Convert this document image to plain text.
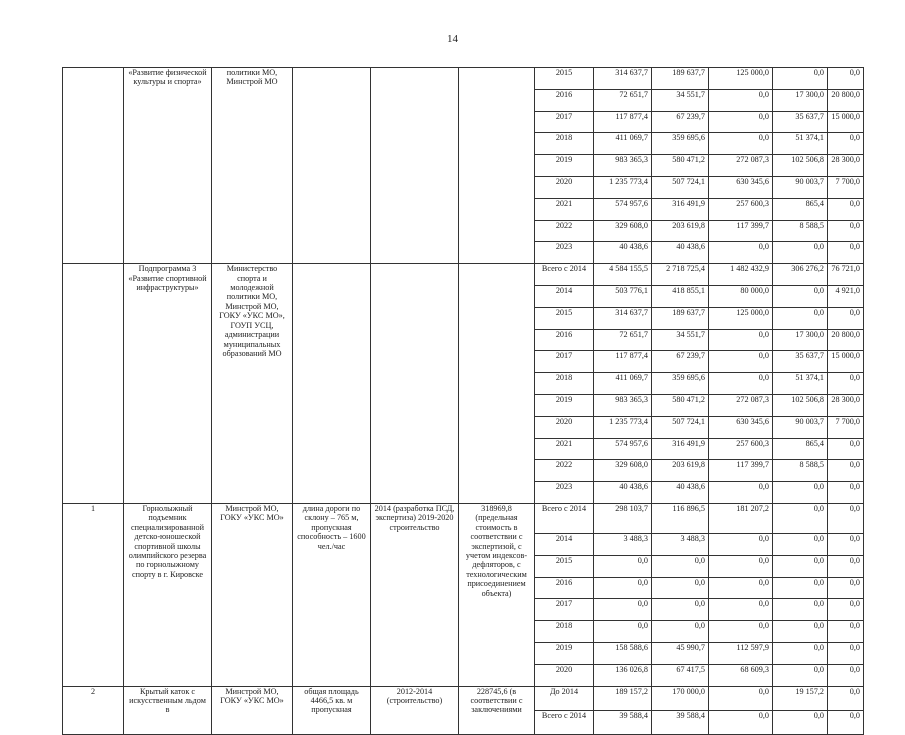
14
	«Развитие физической культуры и спорта»	политики МО, Минстрой МО				2015	314 637,7	189 637,7	125 000,0	0,0	0,0
						2016	72 651,7	34 551,7	0,0	17 300,0	20 800,0
						2017	117 877,4	67 239,7	0,0	35 637,7	15 000,0
						2018	411 069,7	359 695,6	0,0	51 374,1	0,0
						2019	983 365,3	580 471,2	272 087,3	102 506,8	28 300,0
						2020	1 235 773,4	507 724,1	630 345,6	90 003,7	7 700,0
						2021	574 957,6	316 491,9	257 600,3	865,4	0,0
						2022	329 608,0	203 619,8	117 399,7	8 588,5	0,0
						2023	40 438,6	40 438,6	0,0	0,0	0,0
	Подпрограмма 3 «Развитие спортивной инфраструктуры»	Министерство спорта и молодежной политики МО, Минстрой МО, ГОКУ «УКС МО», ГОУП УСЦ, администрации муниципальных образований МО				Всего с 2014	4 584 155,5	2 718 725,4	1 482 432,9	306 276,2	76 721,0
						2014	503 776,1	418 855,1	80 000,0	0,0	4 921,0
						2015	314 637,7	189 637,7	125 000,0	0,0	0,0
						2016	72 651,7	34 551,7	0,0	17 300,0	20 800,0
						2017	117 877,4	67 239,7	0,0	35 637,7	15 000,0
						2018	411 069,7	359 695,6	0,0	51 374,1	0,0
						2019	983 365,3	580 471,2	272 087,3	102 506,8	28 300,0
						2020	1 235 773,4	507 724,1	630 345,6	90 003,7	7 700,0
						2021	574 957,6	316 491,9	257 600,3	865,4	0,0
						2022	329 608,0	203 619,8	117 399,7	8 588,5	0,0
						2023	40 438,6	40 438,6	0,0	0,0	0,0
1	Горнолыжный подъемник специализированной детско-юношеской спортивной школы олимпийского резерва по горнолыжному спорту в г. Кировске	Минстрой МО, ГОКУ «УКС МО»	длина дороги по склону – 765 м, пропускная способность – 1600 чел./час	2014 (разработка ПСД, экспертиза) 2019-2020 строительство	318969,8 (предельная стоимость в соответствии с экспертизой, с учетом индексов-дефляторов, с технологическим присоединением объекта)	Всего с 2014	298 103,7	116 896,5	181 207,2	0,0	0,0
						2014	3 488,3	3 488,3	0,0	0,0	0,0
						2015	0,0	0,0	0,0	0,0	0,0
						2016	0,0	0,0	0,0	0,0	0,0
						2017	0,0	0,0	0,0	0,0	0,0
						2018	0,0	0,0	0,0	0,0	0,0
						2019	158 588,6	45 990,7	112 597,9	0,0	0,0
						2020	136 026,8	67 417,5	68 609,3	0,0	0,0
2	Крытый каток с искусственным льдом в	Минстрой МО, ГОКУ «УКС МО»	общая площадь 4466,5 кв. м пропускная	2012-2014 (строительство)	228745,6 (в соответствии с заключениями	До 2014	189 157,2	170 000,0	0,0	19 157,2	0,0
						Всего с 2014	39 588,4	39 588,4	0,0	0,0	0,0
